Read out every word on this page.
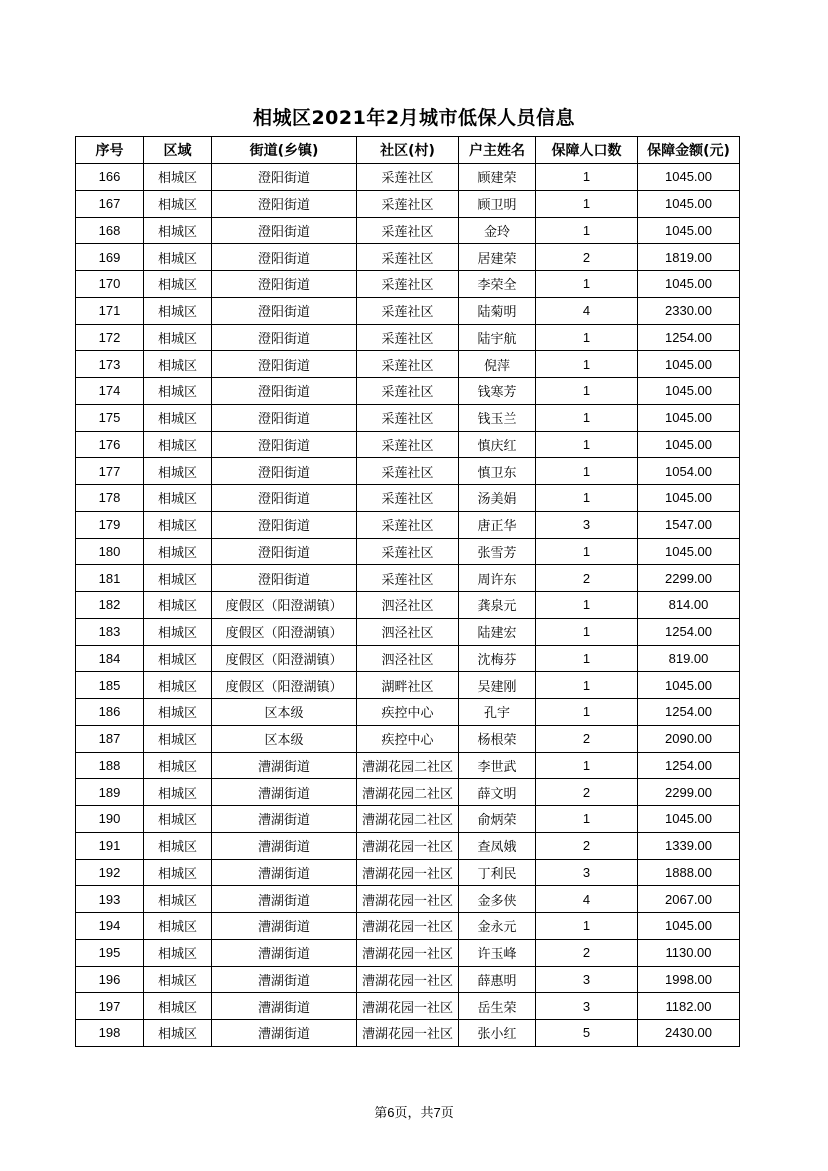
相城区2021年2月城市低保人员信息
序号	区域	街道(乡镇)	社区(村)	户主姓名	保障人口数	保障金额(元)
166	相城区	澄阳街道	采莲社区	顾建荣	1	1045.00
167	相城区	澄阳街道	采莲社区	顾卫明	1	1045.00
168	相城区	澄阳街道	采莲社区	金玲	1	1045.00
169	相城区	澄阳街道	采莲社区	居建荣	2	1819.00
170	相城区	澄阳街道	采莲社区	李荣全	1	1045.00
171	相城区	澄阳街道	采莲社区	陆菊明	4	2330.00
172	相城区	澄阳街道	采莲社区	陆宇航	1	1254.00
173	相城区	澄阳街道	采莲社区	倪萍	1	1045.00
174	相城区	澄阳街道	采莲社区	钱寒芳	1	1045.00
175	相城区	澄阳街道	采莲社区	钱玉兰	1	1045.00
176	相城区	澄阳街道	采莲社区	慎庆红	1	1045.00
177	相城区	澄阳街道	采莲社区	慎卫东	1	1054.00
178	相城区	澄阳街道	采莲社区	汤美娟	1	1045.00
179	相城区	澄阳街道	采莲社区	唐正华	3	1547.00
180	相城区	澄阳街道	采莲社区	张雪芳	1	1045.00
181	相城区	澄阳街道	采莲社区	周许东	2	2299.00
182	相城区	度假区（阳澄湖镇）	泗泾社区	龚泉元	1	814.00
183	相城区	度假区（阳澄湖镇）	泗泾社区	陆建宏	1	1254.00
184	相城区	度假区（阳澄湖镇）	泗泾社区	沈梅芬	1	819.00
185	相城区	度假区（阳澄湖镇）	湖畔社区	吴建刚	1	1045.00
186	相城区	区本级	疾控中心	孔宇	1	1254.00
187	相城区	区本级	疾控中心	杨根荣	2	2090.00
188	相城区	漕湖街道	漕湖花园二社区	李世武	1	1254.00
189	相城区	漕湖街道	漕湖花园二社区	薛文明	2	2299.00
190	相城区	漕湖街道	漕湖花园二社区	俞炳荣	1	1045.00
191	相城区	漕湖街道	漕湖花园一社区	查凤娥	2	1339.00
192	相城区	漕湖街道	漕湖花园一社区	丁利民	3	1888.00
193	相城区	漕湖街道	漕湖花园一社区	金多侠	4	2067.00
194	相城区	漕湖街道	漕湖花园一社区	金永元	1	1045.00
195	相城区	漕湖街道	漕湖花园一社区	许玉峰	2	1130.00
196	相城区	漕湖街道	漕湖花园一社区	薛惠明	3	1998.00
197	相城区	漕湖街道	漕湖花园一社区	岳生荣	3	1182.00
198	相城区	漕湖街道	漕湖花园一社区	张小红	5	2430.00
第6页，共7页
